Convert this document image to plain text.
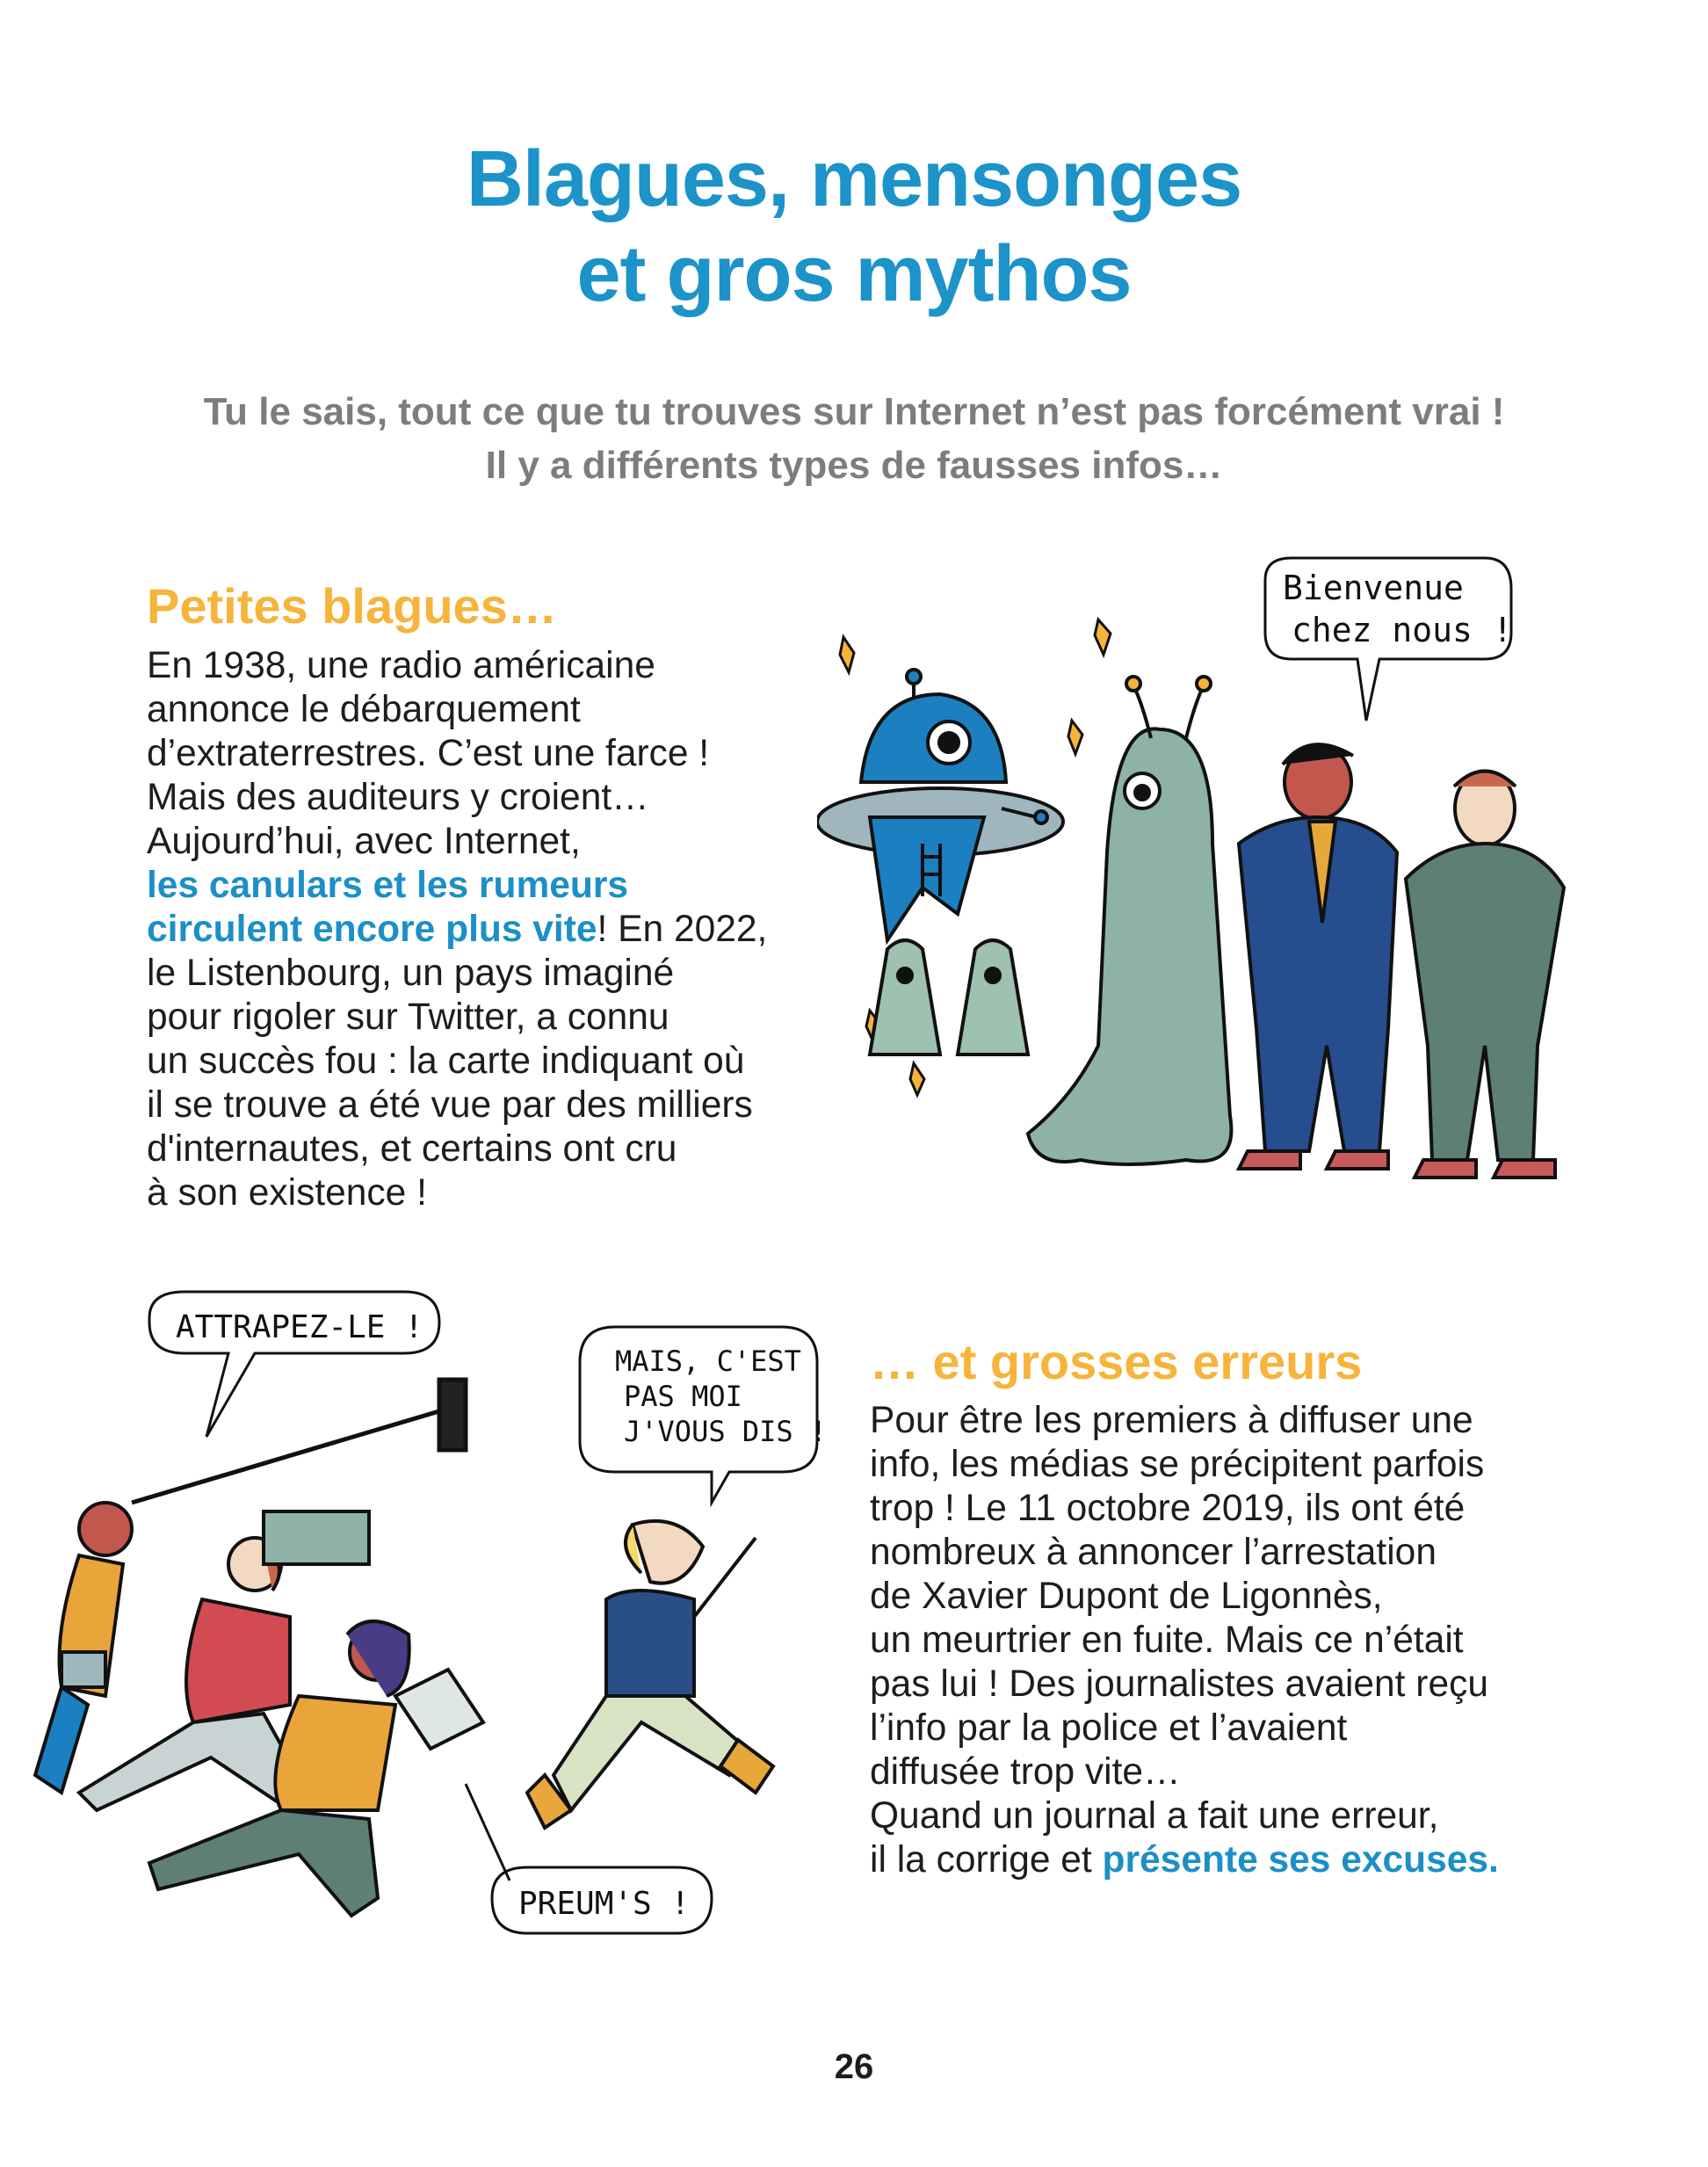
Blagues, mensonges
et gros mythos
Tu le sais, tout ce que tu trouves sur Internet n’est pas forcément vrai !
Il y a différents types de fausses infos…
Petites blagues…
En 1938, une radio américaine
annonce le débarquement
d’extraterrestres. C’est une farce !
Mais des auditeurs y croient…
Aujourd’hui, avec Internet,
les canulars et les rumeurs
circulent encore plus vite! En 2022,
le Listenbourg, un pays imaginé
pour rigoler sur Twitter, a connu
un succès fou : la carte indiquant où
il se trouve a été vue par des milliers
d'internautes, et certains ont cru
à son existence !
… et grosses erreurs
Pour être les premiers à diffuser une
info, les médias se précipitent parfois
trop ! Le 11 octobre 2019, ils ont été
nombreux à annoncer l’arrestation
de Xavier Dupont de Ligonnès,
un meurtrier en fuite. Mais ce n’était
pas lui ! Des journalistes avaient reçu
l’info par la police et l’avaient
diffusée trop vite…
Quand un journal a fait une erreur,
il la corrige et présente ses excuses.
Bienvenue
chez nous !
ATTRAPEZ-LE !
MAIS, C'EST
PAS MOI
J'VOUS DIS !
PREUM'S !
26
